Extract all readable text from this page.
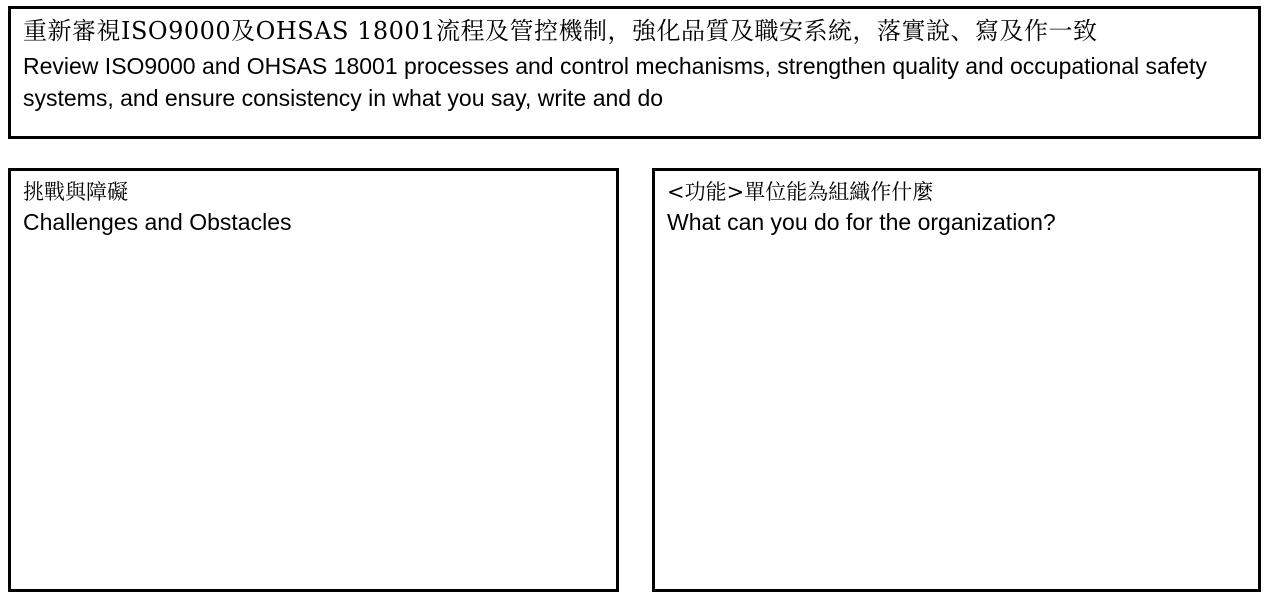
重新審視ISO9000及OHSAS 18001流程及管控機制，強化品質及職安系統，落實說、寫及作一致

Review ISO9000 and OHSAS 18001 processes and control mechanisms, strengthen quality and occupational safety systems, and ensure consistency in what you say, write and do

挑戰與障礙

Challenges and Obstacles

<功能>單位能為組織作什麼

What can you do for the organization?
